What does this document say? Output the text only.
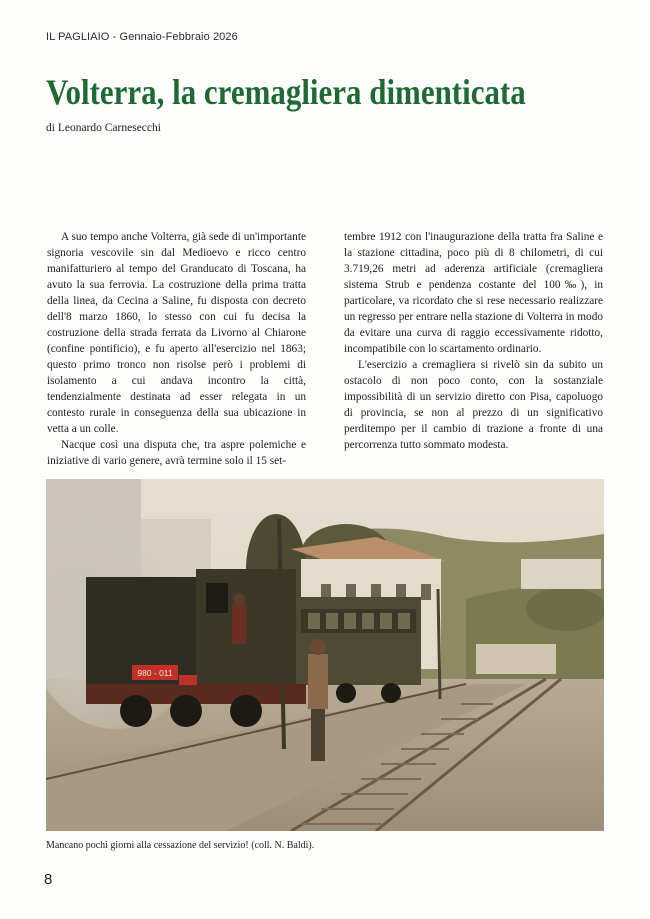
IL PAGLIAIO - Gennaio-Febbraio 2026
Volterra, la cremagliera dimenticata
di Leonardo Carnesecchi

A suo tempo anche Volterra, già sede di un'importante signoria vescovile sin dal Medioevo e ricco centro manifatturiero al tempo del Granducato di Toscana, ha avuto la sua ferrovia. La costruzione della prima tratta della linea, da Cecina a Saline, fu disposta con decreto dell'8 marzo 1860, lo stesso con cui fu decisa la costruzione della strada ferrata da Livorno al Chiarone (confine pontificio), e fu aperto all'esercizio nel 1863; questo primo tronco non risolse però i problemi di isolamento a cui andava incontro la città, tendenzialmente destinata ad esser relegata in un contesto rurale in conseguenza della sua ubicazione in vetta a un colle.

Nacque così una disputa che, tra aspre polemiche e iniziative di vario genere, avrà termine solo il 15 set-

tembre 1912 con l'inaugurazione della tratta fra Saline e la stazione cittadina, poco più di 8 chilometri, di cui 3.719,26 metri ad aderenza artificiale (cremagliera sistema Strub e pendenza costante del 100‰), in particolare, va ricordato che si rese necessario realizzare un regresso per entrare nella stazione di Volterra in modo da evitare una curva di raggio eccessivamente ridotto, incompatibile con lo scartamento ordinario.

L'esercizio a cremagliera si rivelò sin da subito un ostacolo di non poco conto, con la sostanziale impossibilità di un servizio diretto con Pisa, capoluogo di provincia, se non al prezzo di un significativo perditempo per il cambio di trazione a fronte di una percorrenza tutto sommato modesta.

980 - 011
Mancano pochi giorni alla cessazione del servizio! (coll. N. Baldi).
8
